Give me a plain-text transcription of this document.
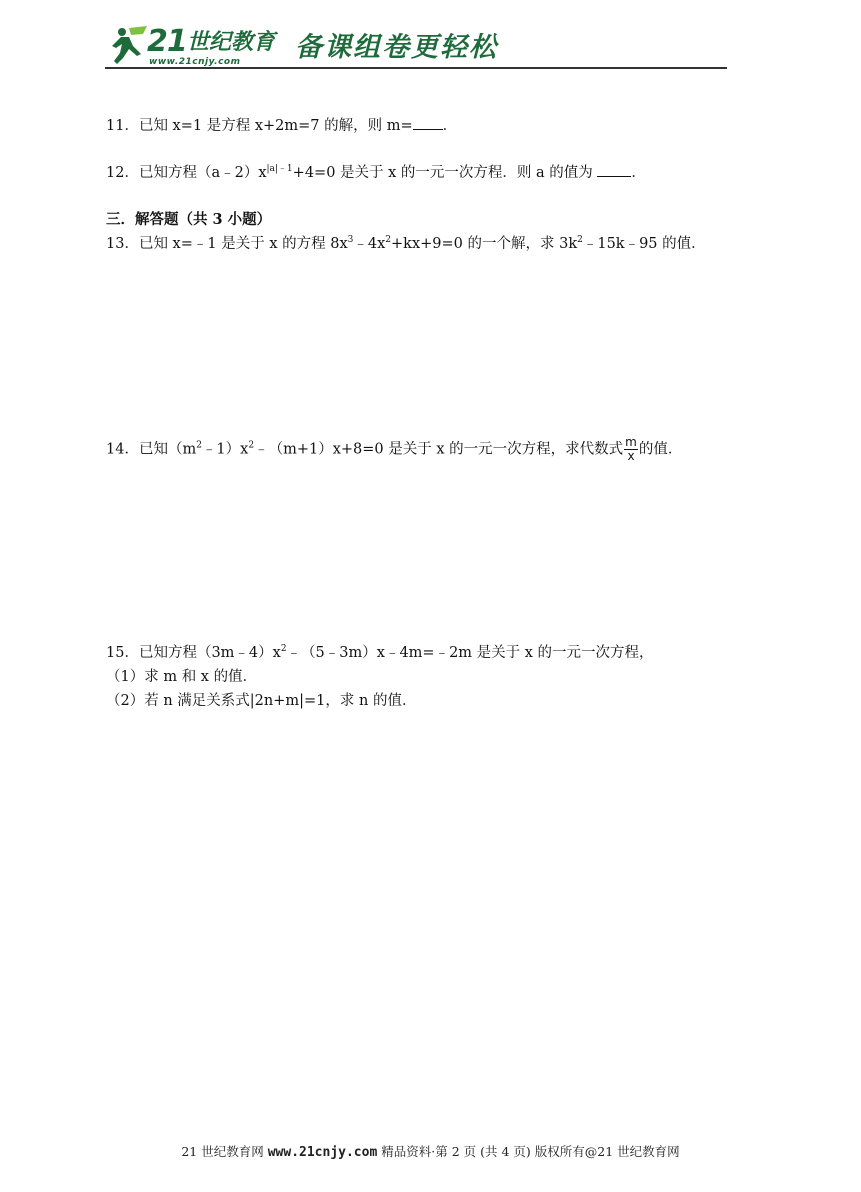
21 世纪教育
www.21cnjy.com 备课组卷更轻松
11．已知 x=1 是方程 x+2m=7 的解，则 m= ．
12．已知方程$(a﹣2)x^{|a|﹣1}+4=0$ 是关于 x 的一元一次方程．则 a 的值为 ．
三．解答题（共 3 小题）
13．已知 x=﹣1 是关于 x 的方程 $8x^3﹣4x^2+kx+9=0$ 的一个解，求 $3k^2﹣15k﹣95$ 的值．
14．已知$(m^2﹣1)x^2﹣(m+1)x+8=0$ 是关于 x 的一元一次方程，求代数式 $\frac{m}{x}$ 的值．
15．已知方程$(3m﹣4)x^2﹣(5﹣3m)x﹣4m=﹣2m$ 是关于 x 的一元一次方程，
（1）求 m 和 x 的值．
（2）若 n 满足关系式|2n+m|=1，求 n 的值．
21 世纪教育网 www.21cnjy.com 精品资料·第 2 页 (共 4 页) 版权所有@21 世纪教育网
